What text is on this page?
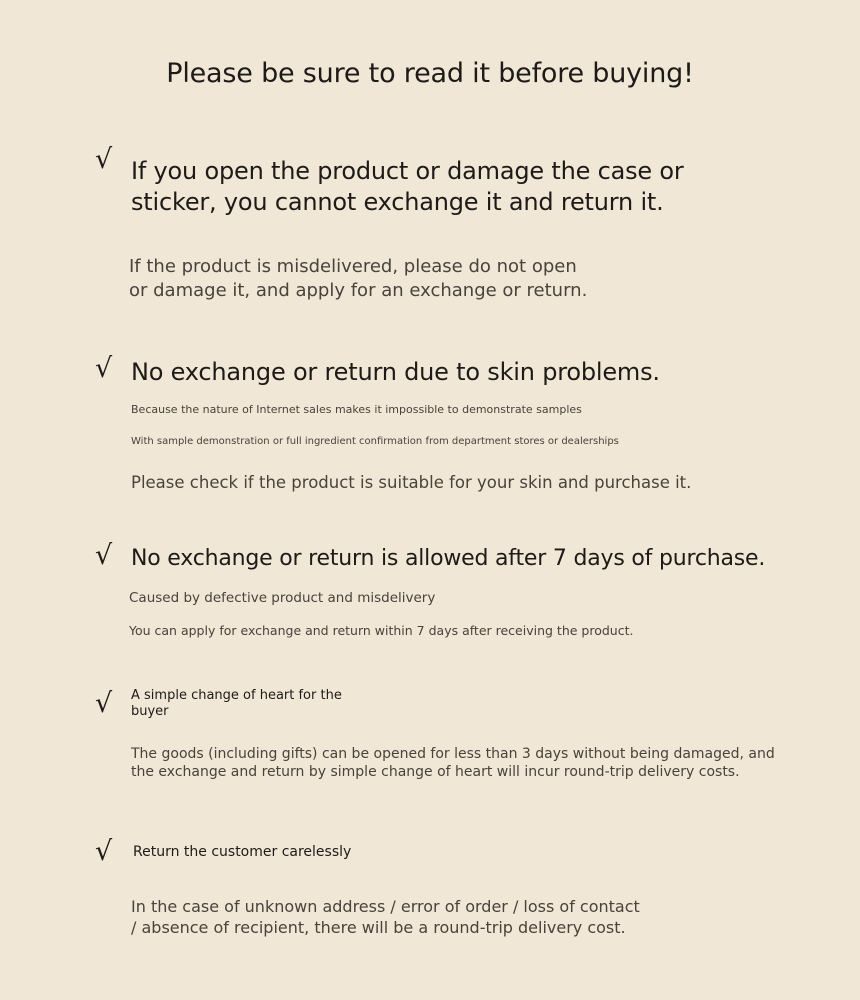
Please be sure to read it before buying!
√ If you open the product or damage the case or
sticker, you cannot exchange it and return it.
If the product is misdelivered, please do not open
or damage it, and apply for an exchange or return.
√ No exchange or return due to skin problems.
Because the nature of Internet sales makes it impossible to demonstrate samples
With sample demonstration or full ingredient confirmation from department stores or dealerships
Please check if the product is suitable for your skin and purchase it.
√ No exchange or return is allowed after 7 days of purchase.
Caused by defective product and misdelivery
You can apply for exchange and return within 7 days after receiving the product.
√ A simple change of heart for the
buyer
The goods (including gifts) can be opened for less than 3 days without being damaged, and
the exchange and return by simple change of heart will incur round-trip delivery costs.
√ Return the customer carelessly
In the case of unknown address / error of order / loss of contact
/ absence of recipient, there will be a round-trip delivery cost.
